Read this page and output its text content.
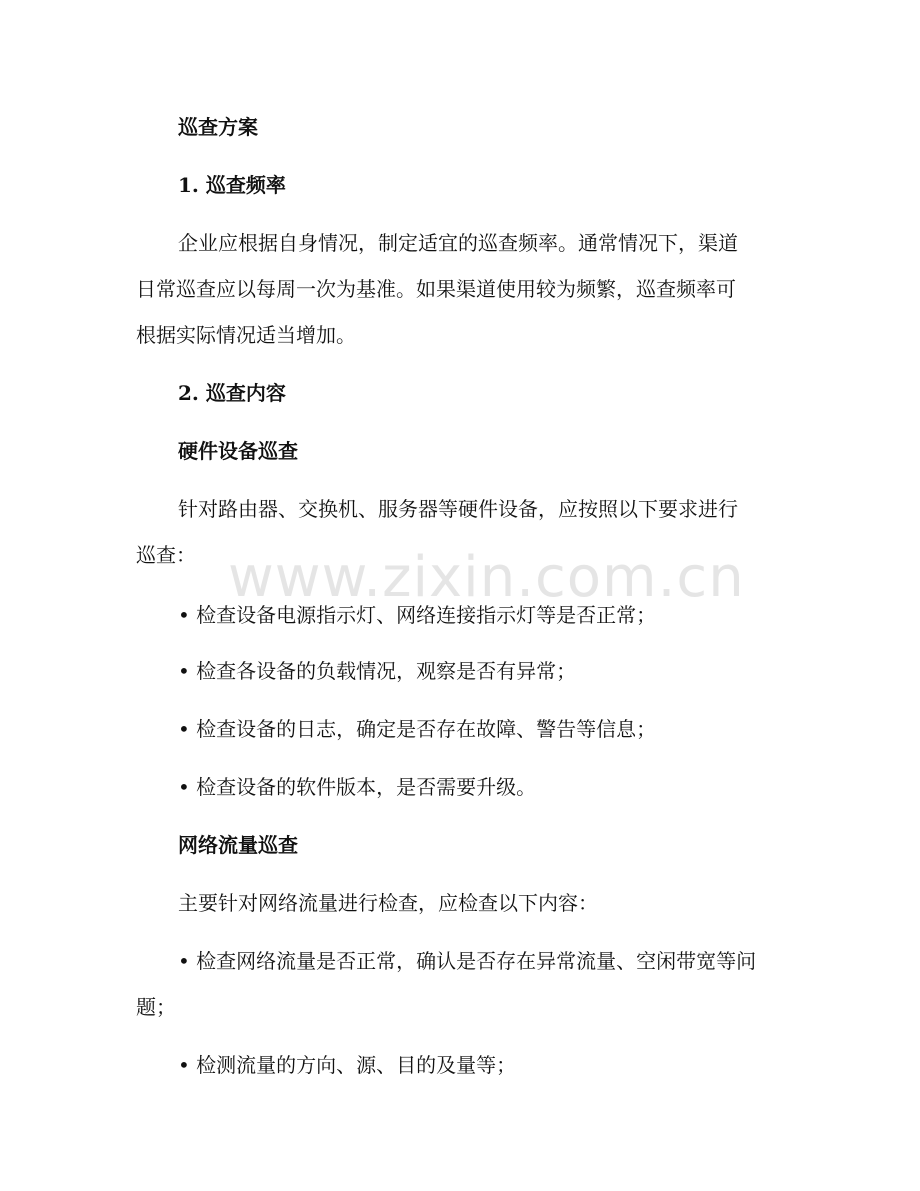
巡查方案
1. 巡查频率
企业应根据自身情况，制定适宜的巡查频率。通常情况下，渠道
日常巡查应以每周一次为基准。如果渠道使用较为频繁，巡查频率可
根据实际情况适当增加。
2. 巡查内容
硬件设备巡查
针对路由器、交换机、服务器等硬件设备，应按照以下要求进行
巡查：
• 检查设备电源指示灯、网络连接指示灯等是否正常；
• 检查各设备的负载情况，观察是否有异常；
• 检查设备的日志，确定是否存在故障、警告等信息；
• 检查设备的软件版本，是否需要升级。
网络流量巡查
主要针对网络流量进行检查，应检查以下内容：
• 检查网络流量是否正常，确认是否存在异常流量、空闲带宽等问
题；
• 检测流量的方向、源、目的及量等；
www.zixin.com.cn
